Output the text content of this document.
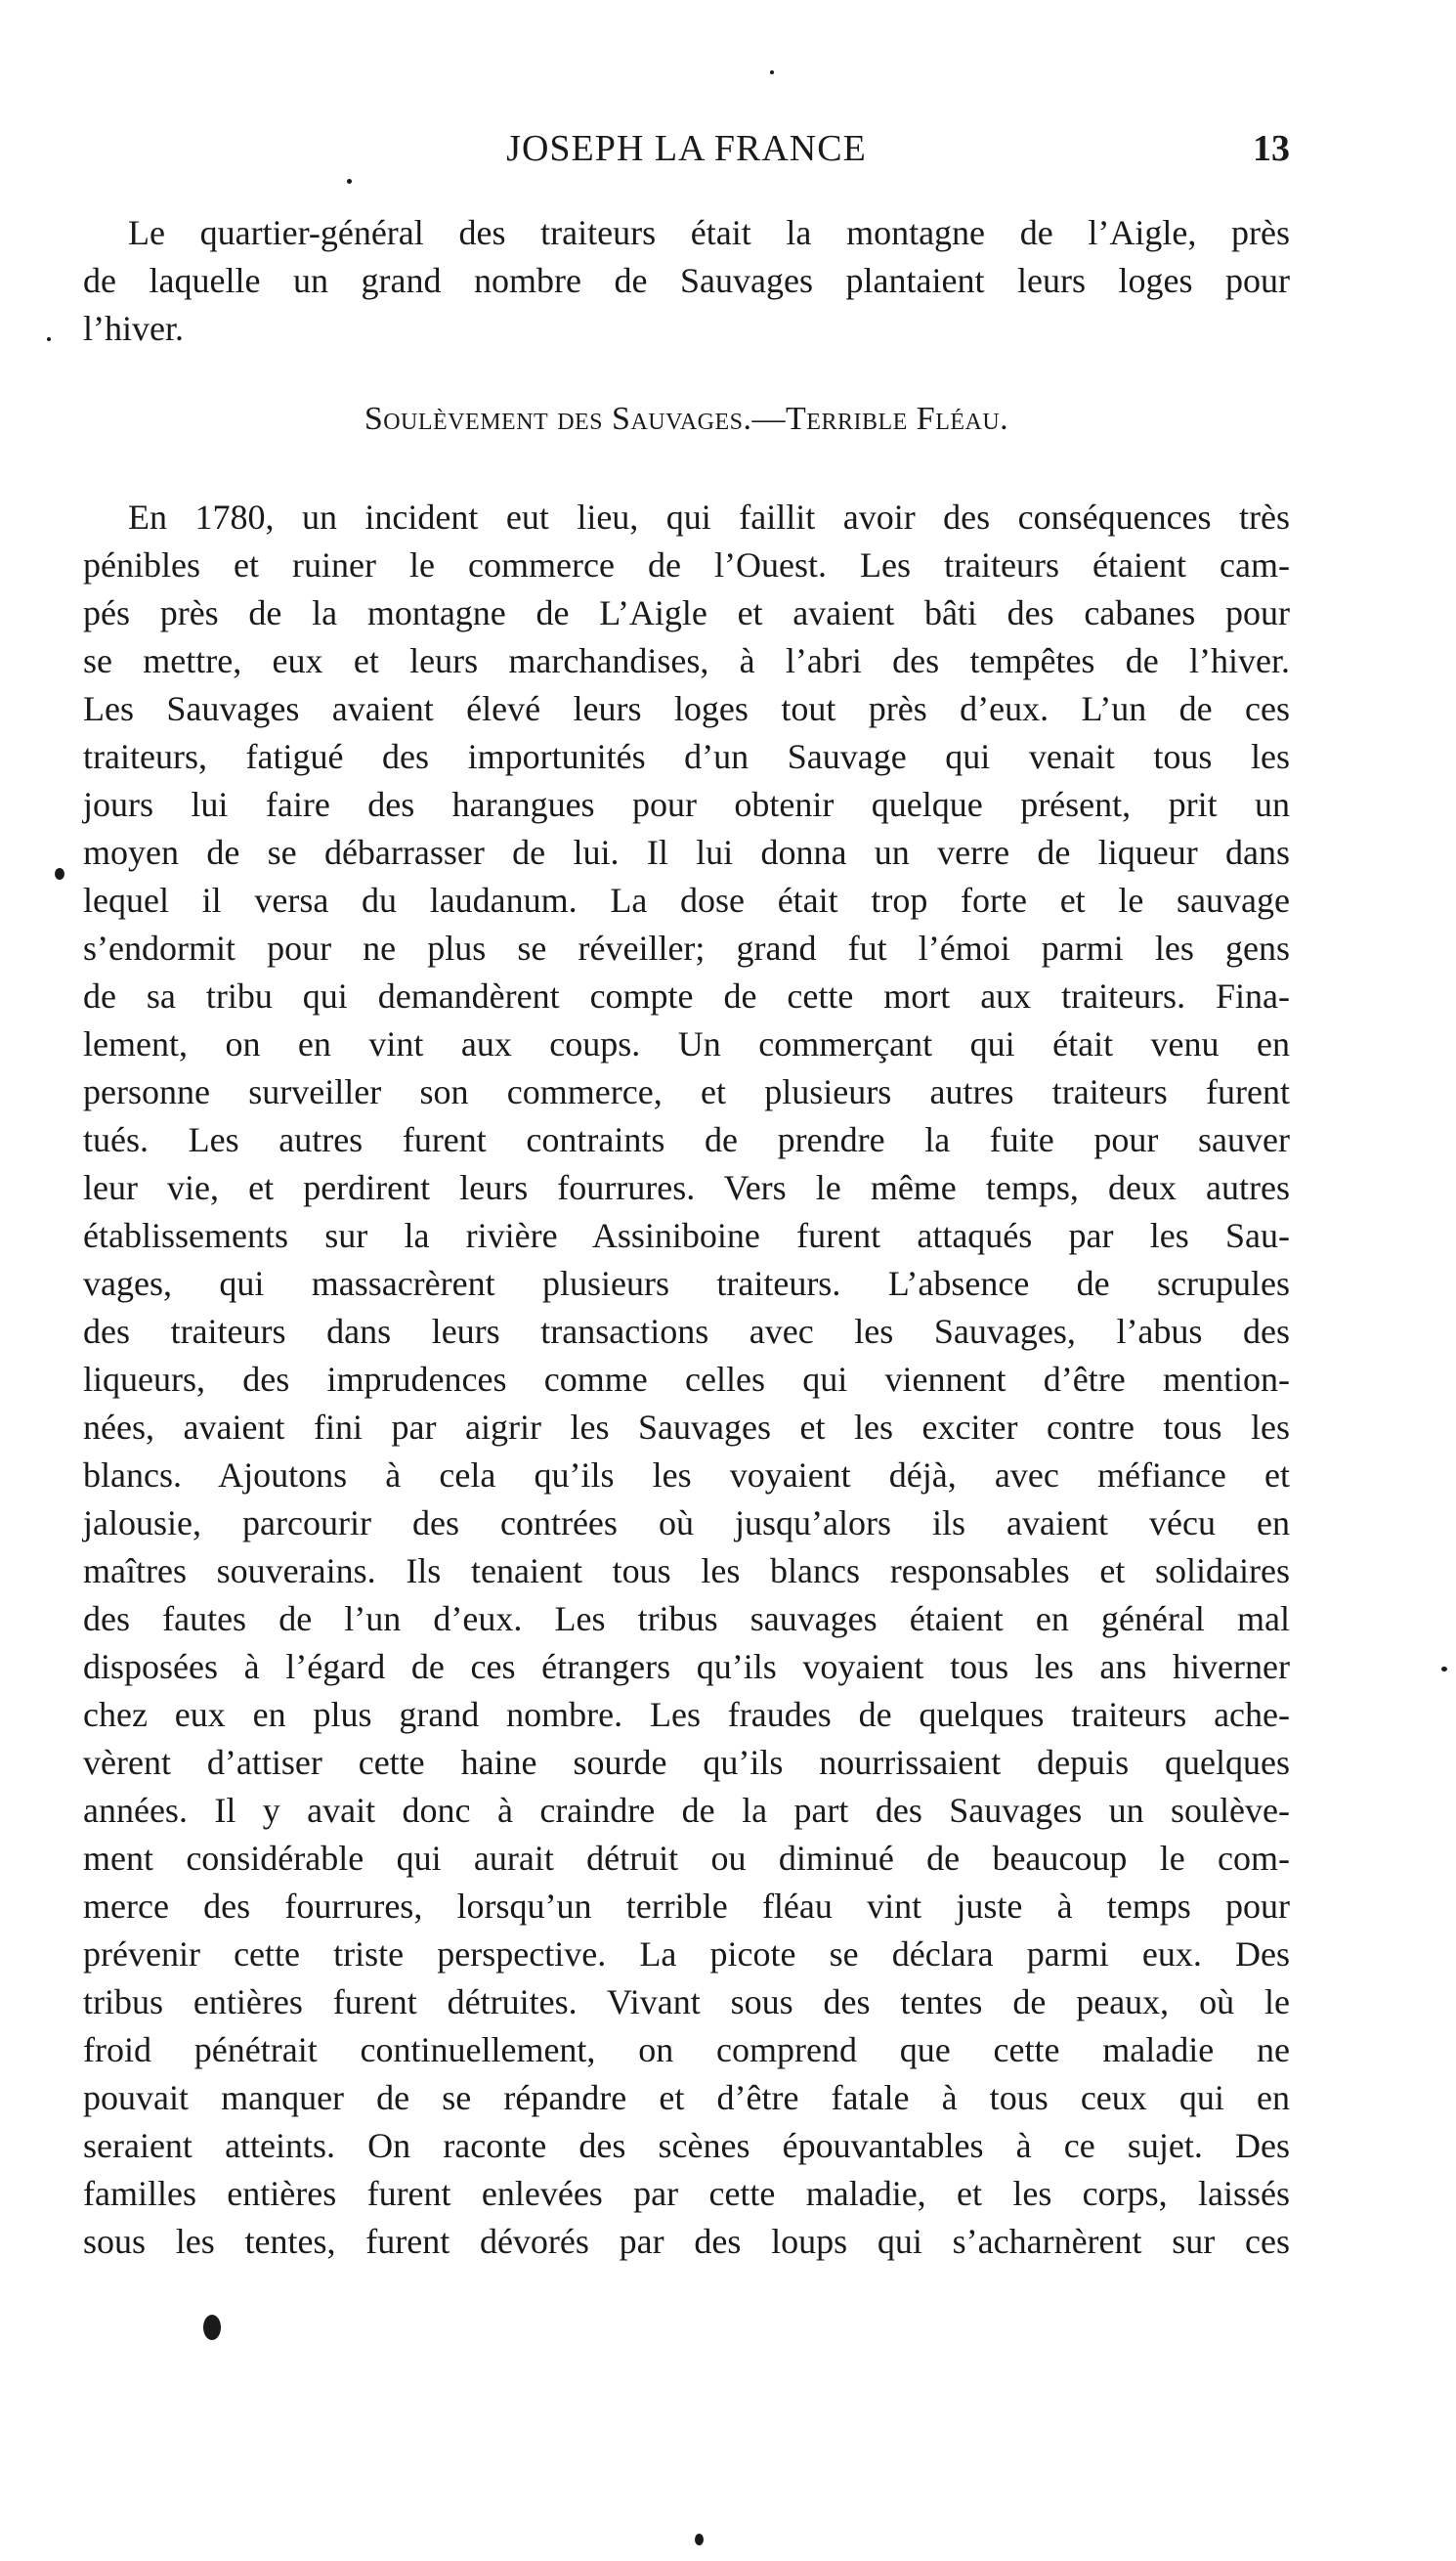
JOSEPH LA FRANCE	13
Le quartier-général des traiteurs était la montagne de l’Aigle, près
de laquelle un grand nombre de Sauvages plantaient leurs loges pour
l’hiver.
Soulèvement des Sauvages.—Terrible Fléau.
En 1780, un incident eut lieu, qui faillit avoir des conséquences très
pénibles et ruiner le commerce de l’Ouest. Les traiteurs étaient cam-
pés près de la montagne de L’Aigle et avaient bâti des cabanes pour
se mettre, eux et leurs marchandises, à l’abri des tempêtes de l’hiver.
Les Sauvages avaient élevé leurs loges tout près d’eux. L’un de ces
traiteurs, fatigué des importunités d’un Sauvage qui venait tous les
jours lui faire des harangues pour obtenir quelque présent, prit un
moyen de se débarrasser de lui. Il lui donna un verre de liqueur dans
lequel il versa du laudanum. La dose était trop forte et le sauvage
s’endormit pour ne plus se réveiller; grand fut l’émoi parmi les gens
de sa tribu qui demandèrent compte de cette mort aux traiteurs. Fina-
lement, on en vint aux coups. Un commerçant qui était venu en
personne surveiller son commerce, et plusieurs autres traiteurs furent
tués. Les autres furent contraints de prendre la fuite pour sauver
leur vie, et perdirent leurs fourrures. Vers le même temps, deux autres
établissements sur la rivière Assiniboine furent attaqués par les Sau-
vages, qui massacrèrent plusieurs traiteurs. L’absence de scrupules
des traiteurs dans leurs transactions avec les Sauvages, l’abus des
liqueurs, des imprudences comme celles qui viennent d’être mention-
nées, avaient fini par aigrir les Sauvages et les exciter contre tous les
blancs. Ajoutons à cela qu’ils les voyaient déjà, avec méfiance et
jalousie, parcourir des contrées où jusqu’alors ils avaient vécu en
maîtres souverains. Ils tenaient tous les blancs responsables et solidaires
des fautes de l’un d’eux. Les tribus sauvages étaient en général mal
disposées à l’égard de ces étrangers qu’ils voyaient tous les ans hiverner
chez eux en plus grand nombre. Les fraudes de quelques traiteurs ache-
vèrent d’attiser cette haine sourde qu’ils nourrissaient depuis quelques
années. Il y avait donc à craindre de la part des Sauvages un soulève-
ment considérable qui aurait détruit ou diminué de beaucoup le com-
merce des fourrures, lorsqu’un terrible fléau vint juste à temps pour
prévenir cette triste perspective. La picote se déclara parmi eux. Des
tribus entières furent détruites. Vivant sous des tentes de peaux, où le
froid pénétrait continuellement, on comprend que cette maladie ne
pouvait manquer de se répandre et d’être fatale à tous ceux qui en
seraient atteints. On raconte des scènes épouvantables à ce sujet. Des
familles entières furent enlevées par cette maladie, et les corps, laissés
sous les tentes, furent dévorés par des loups qui s’acharnèrent sur ces
